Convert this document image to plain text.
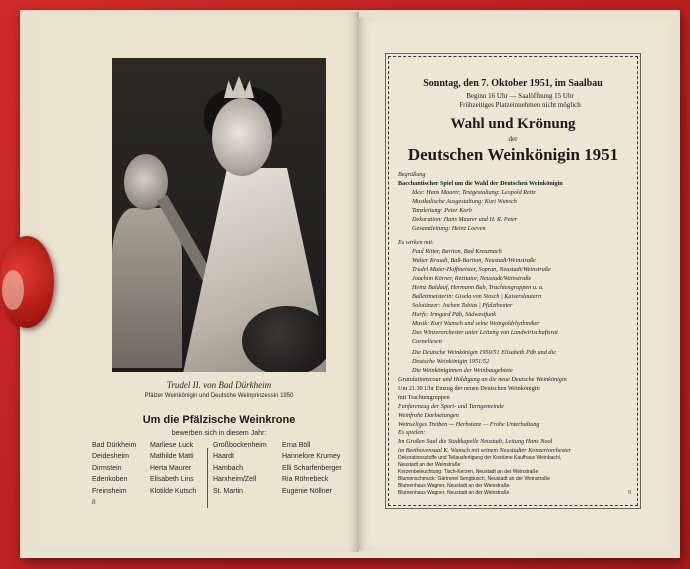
Trudel II. von Bad Dürkheim
Pfälzer Weinkönigin und Deutsche Weinprinzessin 1950
Um die Pfälzische Weinkrone
bewerben sich in diesem Jahr:
Bad Dürkheim
Deidesheim
Dirmstein
Edenkoben
Freinsheim
Marliese Luck
Mathilde Matti
Herta Maurer
Elisabeth Lins
Klotilde Kutsch
Großbockenheim
Haardt
Hambach
Harxheim/Zell
St. Martin
Erna Böll
Hannelore Krumey
Elli Scharfenberger
Ria Röhrebeck
Eugenie Nöllner
8
Sonntag, den 7. Oktober 1951, im Saalbau
Beginn 16 Uhr — Saalöffnung 15 Uhr
Frühzeitiges Platzeinnehmen nicht möglich
Wahl und Krönung
der
Deutschen Weinkönigin 1951
Begrüßung
Bacchantischer Spiel um die Wahl der Deutschen Weinkönigin
Idee: Hans Maurer, Textgestaltung: Leopold Reitz
Musikalische Ausgestaltung: Kurt Wunsch
Tanzleitung: Peter Korb
Dekoration: Hans Maurer und H. R. Peter
Gesamtleitung: Heinz Loeven
Es wirken mit:
Paul Ritter, Bariton, Bad Kreuznach
Walter Kraudt, Baß-Bariton, Neustadt/Weinstraße
Trudel Maier-Hoffmeister, Sopran, Neustadt/Weinstraße
Joachim Körner, Rezitator, Neustadt/Weinstraße
Heinz Baldauf, Hermann Bub, Trachtengruppen u. a.
Ballettmeisterin: Gisela von Stosch | Kaiserslautern
Solotänzer: Jochen Tobias | Pfalztheater
Harfe: Irmgard Päb, Südwestfunk
Musik: Kurt Wunsch und seine Weingoldrhythmiker
Das Winzerorchester unter Leitung von Landwirtschaftsrat
Corneliesen
Die Deutsche Weinkönigin 1950/51 Elisabeth Päb und die
Deutsche Weinkönigin 1951/52
Die Weinköniginnen der Weinbaugebiete
Gratulationscour und Huldigung an die neue Deutsche Weinkönigin
Um 21.30 Uhr Einzug der neuen Deutschen Weinkönigin
mit Trachtengruppen
Fanfarenzug der Sport- und Turngemeinde
Weinfrohe Darbietungen
Weinseliges Treiben — Herbstanz — Frohe Unterhaltung
Es spielen:
Im Großen Saal die Stadtkapelle Neustadt, Leitung Hans Nool
im Beethovensaal K. Wunsch mit seinem Neustadter Konzertorchester
Dekorationsstoffe und Teilausfertigung der Kostüme Kaufhaus Weinbachl,
Neustadt an der Weinstraße
Kerzenbeleuchtung: Tisch-Kerzen, Neustadt an der Weinstraße
Blumenschmuck: Gärtnerei Sengbusch, Neustadt an der Weinstraße
Blumenhaus Wagner, Neustadt an der Weinstraße
Blumenhaus Wagner, Neustadt an der Weinstraße	9
